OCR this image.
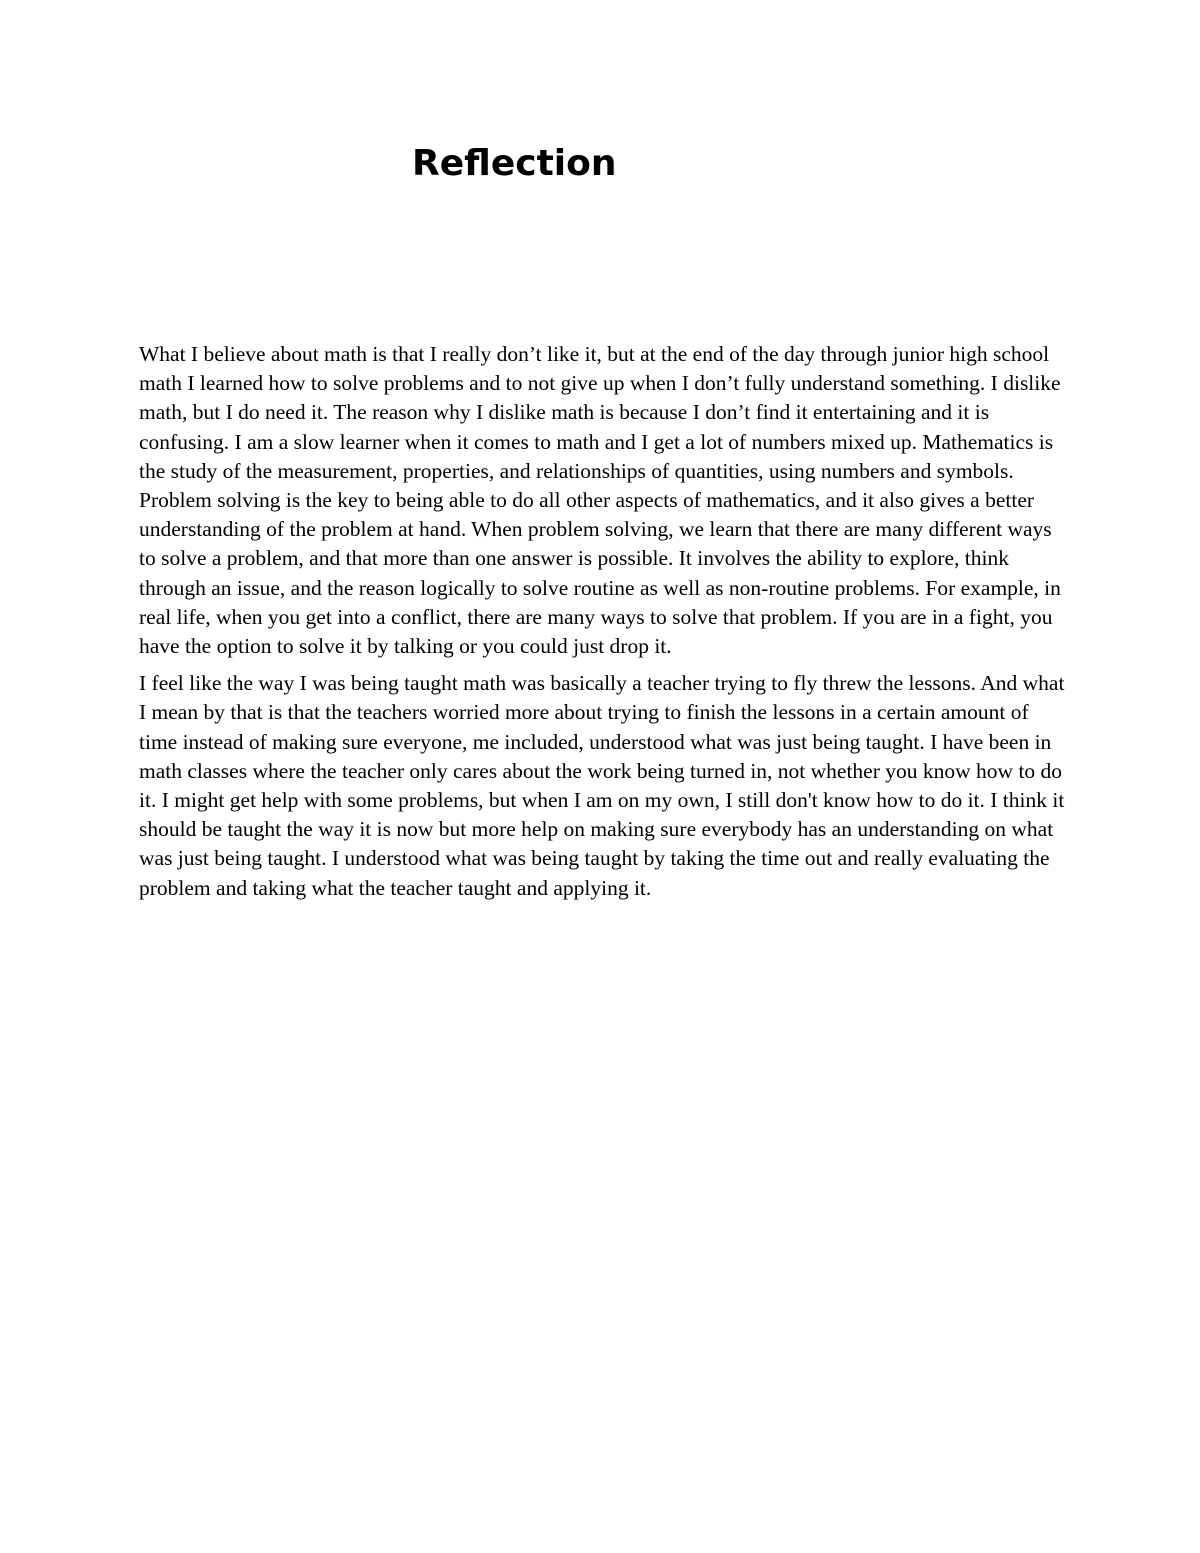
Reflection

What I believe about math is that I really don’t like it, but at the end of the day through junior high school math I learned how to solve problems and to not give up when I don’t fully understand something. I dislike math, but I do need it. The reason why I dislike math is because I don’t find it entertaining and it is confusing. I am a slow learner when it comes to math and I get a lot of numbers mixed up. Mathematics is the study of the measurement, properties, and relationships of quantities, using numbers and symbols. Problem solving is the key to being able to do all other aspects of mathematics, and it also gives a better understanding of the problem at hand. When problem solving, we learn that there are many different ways to solve a problem, and that more than one answer is possible. It involves the ability to explore, think through an issue, and the reason logically to solve routine as well as non-routine problems. For example, in real life, when you get into a conflict, there are many ways to solve that problem. If you are in a fight, you have the option to solve it by talking or you could just drop it.

I feel like the way I was being taught math was basically a teacher trying to fly threw the lessons. And what I mean by that is that the teachers worried more about trying to finish the lessons in a certain amount of time instead of making sure everyone, me included, understood what was just being taught. I have been in math classes where the teacher only cares about the work being turned in, not whether you know how to do it. I might get help with some problems, but when I am on my own, I still don't know how to do it. I think it should be taught the way it is now but more help on making sure everybody has an understanding on what was just being taught. I understood what was being taught by taking the time out and really evaluating the problem and taking what the teacher taught and applying it.
